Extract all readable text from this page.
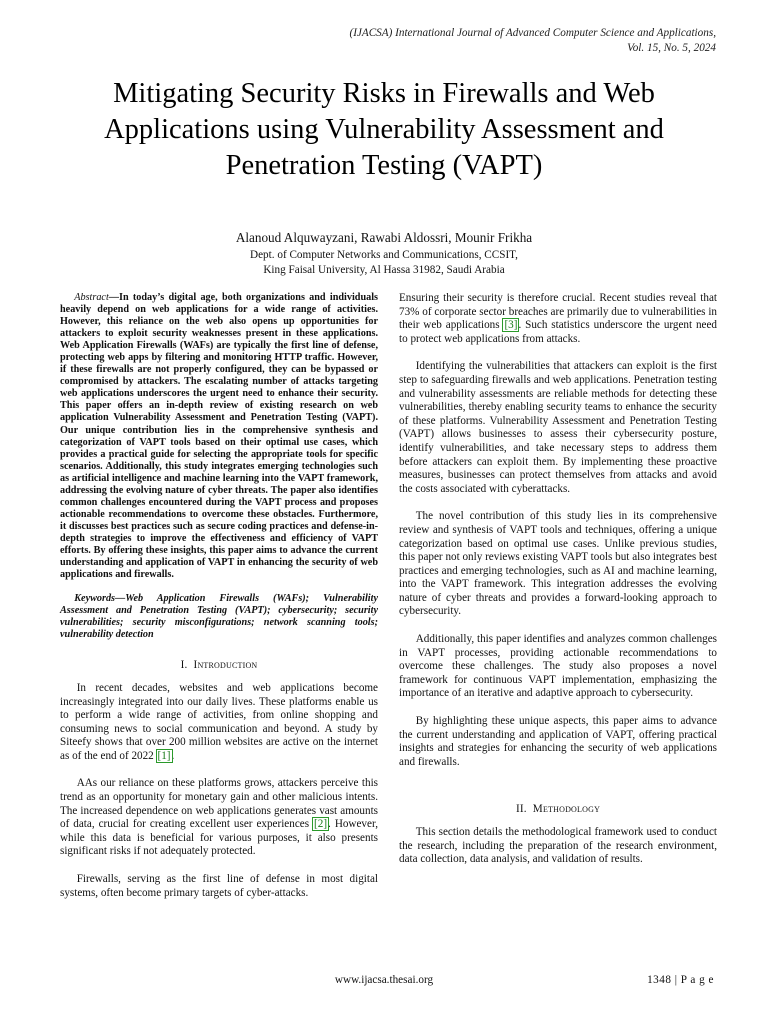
(IJACSA) International Journal of Advanced Computer Science and Applications,
Vol. 15, No. 5, 2024
Mitigating Security Risks in Firewalls and Web Applications using Vulnerability Assessment and Penetration Testing (VAPT)
Alanoud Alquwayzani, Rawabi Aldossri, Mounir Frikha
Dept. of Computer Networks and Communications, CCSIT,
King Faisal University, Al Hassa 31982, Saudi Arabia

Abstract—In today’s digital age, both organizations and individuals heavily depend on web applications for a wide range of activities. However, this reliance on the web also opens up opportunities for attackers to exploit security weaknesses present in these applications. Web Application Firewalls (WAFs) are typically the first line of defense, protecting web apps by filtering and monitoring HTTP traffic. However, if these firewalls are not properly configured, they can be bypassed or compromised by attackers. The escalating number of attacks targeting web applications underscores the urgent need to enhance their security. This paper offers an in-depth review of existing research on web application Vulnerability Assessment and Penetration Testing (VAPT). Our unique contribution lies in the comprehensive synthesis and categorization of VAPT tools based on their optimal use cases, which provides a practical guide for selecting the appropriate tools for specific scenarios. Additionally, this study integrates emerging technologies such as artificial intelligence and machine learning into the VAPT framework, addressing the evolving nature of cyber threats. The paper also identifies common challenges encountered during the VAPT process and proposes actionable recommendations to overcome these obstacles. Furthermore, it discusses best practices such as secure coding practices and defense-in-depth strategies to improve the effectiveness and efficiency of VAPT efforts. By offering these insights, this paper aims to advance the current understanding and application of VAPT in enhancing the security of web applications and firewalls.

Keywords—Web Application Firewalls (WAFs); Vulnerability Assessment and Penetration Testing (VAPT); cybersecurity; security vulnerabilities; security misconfigurations; network scanning tools; vulnerability detection

I. Introduction

In recent decades, websites and web applications become increasingly integrated into our daily lives. These platforms enable us to perform a wide range of activities, from online shopping and consuming news to social communication and beyond. A study by Siteefy shows that over 200 million websites are active on the internet as of the end of 2022 [1].

AAs our reliance on these platforms grows, attackers perceive this trend as an opportunity for monetary gain and other malicious intents. The increased dependence on web applications generates vast amounts of data, crucial for creating excellent user experiences [2]. However, while this data is beneficial for various purposes, it also presents significant risks if not adequately protected.

Firewalls, serving as the first line of defense in most digital systems, often become primary targets of cyber-attacks.

Ensuring their security is therefore crucial. Recent studies reveal that 73% of corporate sector breaches are primarily due to vulnerabilities in their web applications [3]. Such statistics underscore the urgent need to protect web applications from attacks.

Identifying the vulnerabilities that attackers can exploit is the first step to safeguarding firewalls and web applications. Penetration testing and vulnerability assessments are reliable methods for detecting these vulnerabilities, thereby enabling security teams to enhance the security of these platforms. Vulnerability Assessment and Penetration Testing (VAPT) allows businesses to assess their cybersecurity posture, identify vulnerabilities, and take necessary steps to address them before attackers can exploit them. By implementing these proactive measures, businesses can protect themselves from attacks and avoid the costs associated with cyberattacks.

The novel contribution of this study lies in its comprehensive review and synthesis of VAPT tools and techniques, offering a unique categorization based on optimal use cases. Unlike previous studies, this paper not only reviews existing VAPT tools but also integrates best practices and emerging technologies, such as AI and machine learning, into the VAPT framework. This integration addresses the evolving nature of cyber threats and provides a forward-looking approach to cybersecurity.

Additionally, this paper identifies and analyzes common challenges in VAPT processes, providing actionable recommendations to overcome these challenges. The study also proposes a novel framework for continuous VAPT implementation, emphasizing the importance of an iterative and adaptive approach to cybersecurity.

By highlighting these unique aspects, this paper aims to advance the current understanding and application of VAPT, offering practical insights and strategies for enhancing the security of web applications and firewalls.

II. Methodology

This section details the methodological framework used to conduct the research, including the preparation of the research environment, data collection, data analysis, and validation of results.

www.ijacsa.thesai.org	1348 | P a g e
